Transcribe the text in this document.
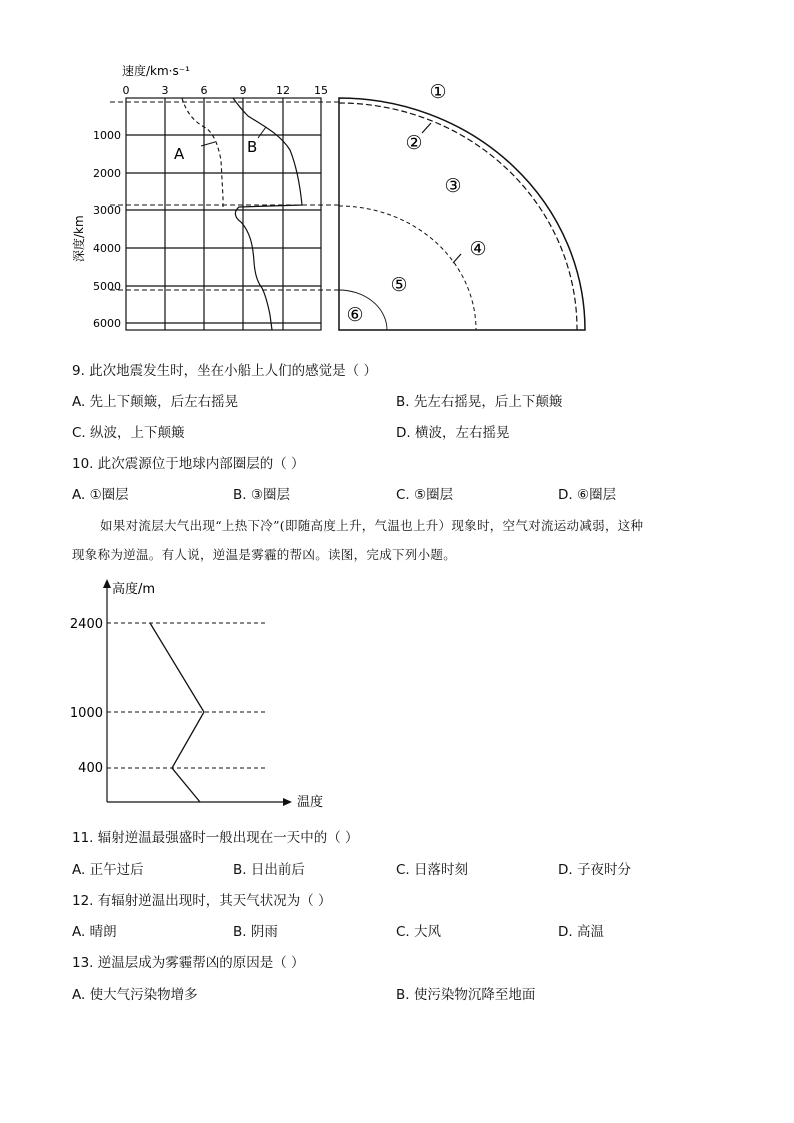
速度/km·s⁻¹
深度/km
0	3	6	9	12 15
1000
2000
3000
4000
5000
6000
A	B
①
②
③
④
⑤
⑥
9. 此次地震发生时，坐在小船上人们的感觉是（ ）
A. 先上下颠簸，后左右摇晃	B. 先左右摇晃，后上下颠簸
C. 纵波，上下颠簸	D. 横波，左右摇晃
10. 此次震源位于地球内部圈层的（ ）
A. ①圈层	B. ③圈层	C. ⑤圈层	D. ⑥圈层
如果对流层大气出现“上热下冷”(即随高度上升，气温也上升）现象时，空气对流运动减弱，这种
现象称为逆温。有人说，逆温是雾霾的帮凶。读图，完成下列小题。
高度/m
温度
2400
1000
400
11. 辐射逆温最强盛时一般出现在一天中的（ ）
A. 正午过后	B. 日出前后	C. 日落时刻	D. 子夜时分
12. 有辐射逆温出现时，其天气状况为（ ）
A. 晴朗	B. 阴雨	C. 大风	D. 高温
13. 逆温层成为雾霾帮凶的原因是（ ）
A. 使大气污染物增多	B. 使污染物沉降至地面
